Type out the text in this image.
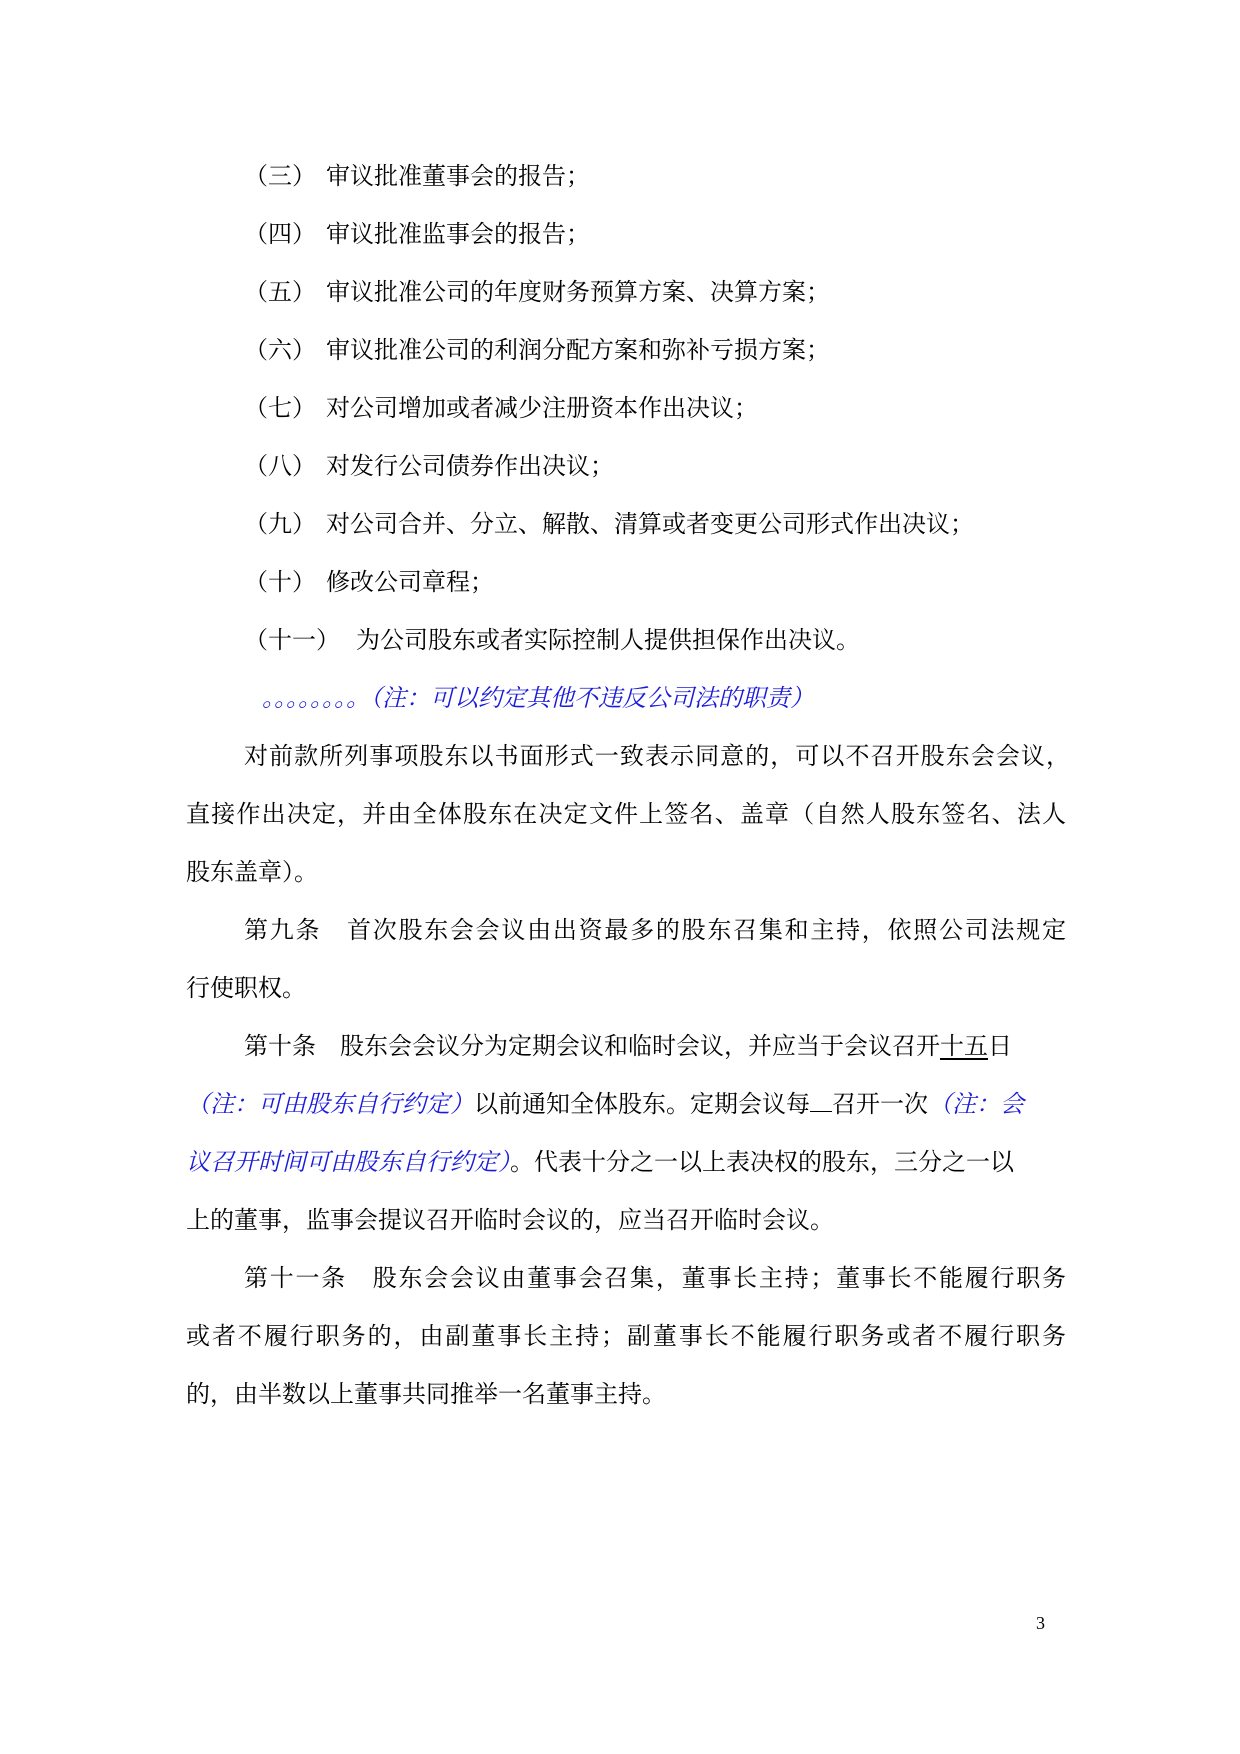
（三） 审议批准董事会的报告；
（四） 审议批准监事会的报告；
（五） 审议批准公司的年度财务预算方案、决算方案；
（六） 审议批准公司的利润分配方案和弥补亏损方案；
（七） 对公司增加或者减少注册资本作出决议；
（八） 对发行公司债券作出决议；
（九） 对公司合并、分立、解散、清算或者变更公司形式作出决议；
（十） 修改公司章程；
（十一） 为公司股东或者实际控制人提供担保作出决议。
。。。。。。。。（注：可以约定其他不违反公司法的职责）
对前款所列事项股东以书面形式一致表示同意的，可以不召开股东会会议，
直接作出决定，并由全体股东在决定文件上签名、盖章（自然人股东签名、法人
股东盖章）。
第九条　首次股东会会议由出资最多的股东召集和主持，依照公司法规定
行使职权。
第十条　股东会会议分为定期会议和临时会议，并应当于会议召开十五日
（注：可由股东自行约定）以前通知全体股东。定期会议每 召开一次（注：会
议召开时间可由股东自行约定）。代表十分之一以上表决权的股东，三分之一以
上的董事，监事会提议召开临时会议的，应当召开临时会议。
第十一条　股东会会议由董事会召集，董事长主持；董事长不能履行职务
或者不履行职务的，由副董事长主持；副董事长不能履行职务或者不履行职务
的，由半数以上董事共同推举一名董事主持。
3
